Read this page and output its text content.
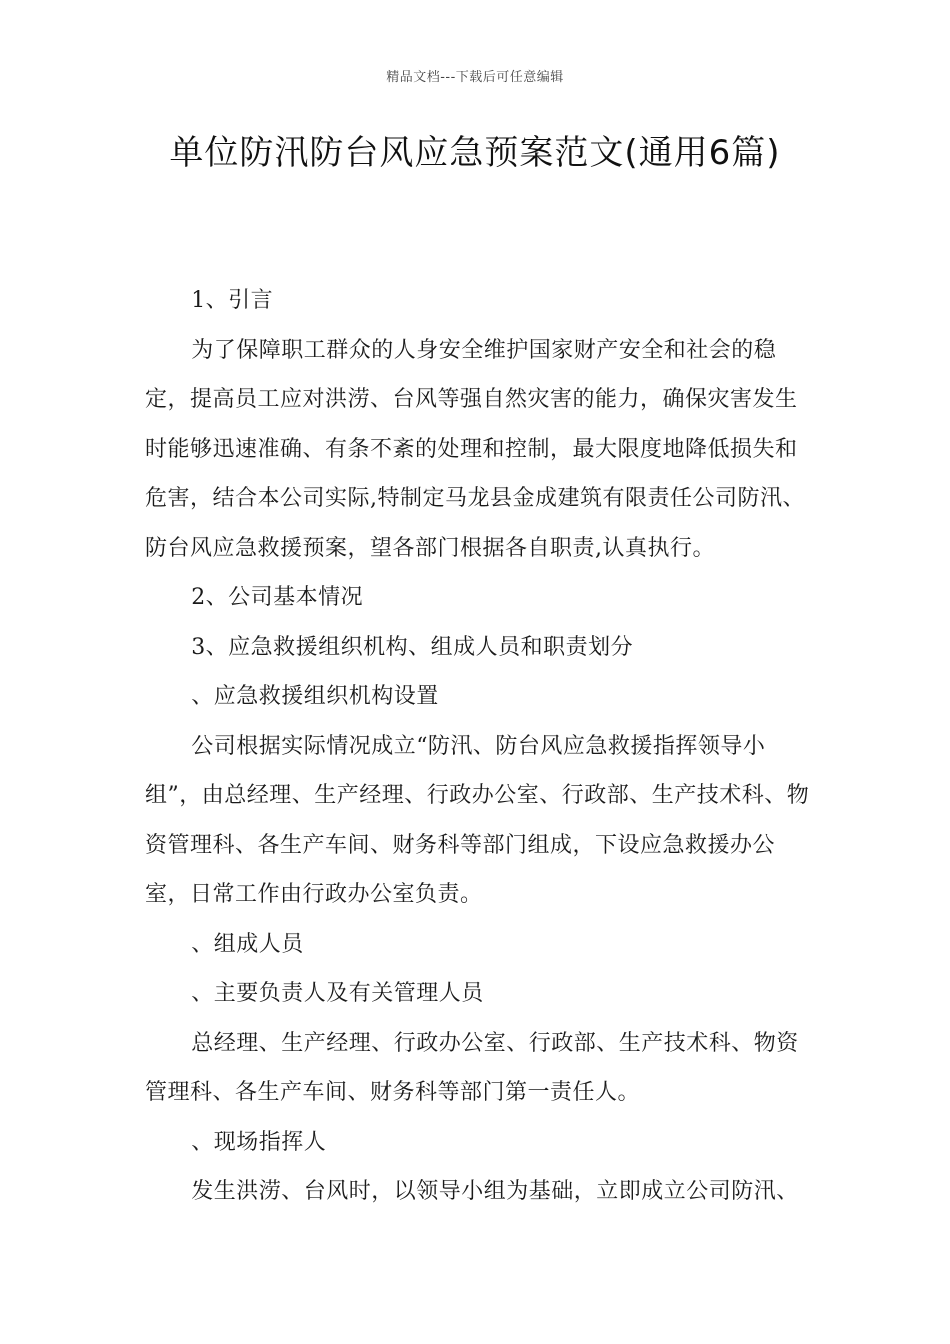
精品文档---下载后可任意编辑
单位防汛防台风应急预案范文(通用6篇)

1、引言

为了保障职工群众的人身安全维护国家财产安全和社会的稳定，提高员工应对洪涝、台风等强自然灾害的能力，确保灾害发生时能够迅速准确、有条不紊的处理和控制，最大限度地降低损失和危害，结合本公司实际,特制定马龙县金成建筑有限责任公司防汛、防台风应急救援预案，望各部门根据各自职责,认真执行。

2、公司基本情况

3、应急救援组织机构、组成人员和职责划分

、应急救援组织机构设置

公司根据实际情况成立“防汛、防台风应急救援指挥领导小组”，由总经理、生产经理、行政办公室、行政部、生产技术科、物资管理科、各生产车间、财务科等部门组成，下设应急救援办公室，日常工作由行政办公室负责。

、组成人员

、主要负责人及有关管理人员

总经理、生产经理、行政办公室、行政部、生产技术科、物资管理科、各生产车间、财务科等部门第一责任人。

、现场指挥人

发生洪涝、台风时，以领导小组为基础，立即成立公司防汛、
